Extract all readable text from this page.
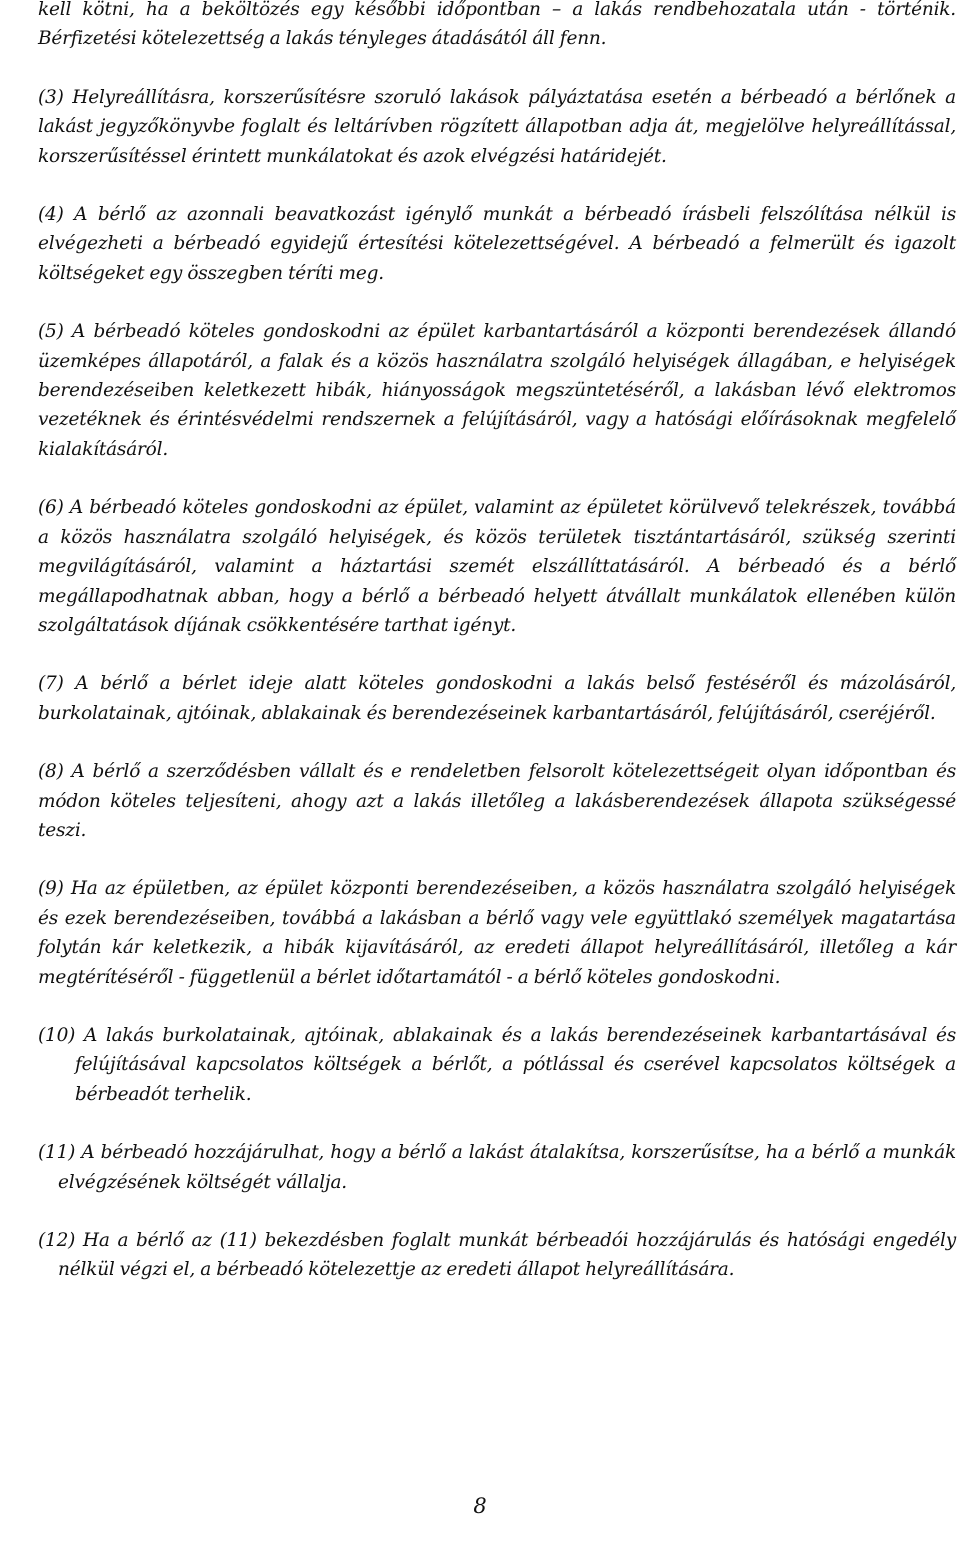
kell kötni, ha a beköltözés egy későbbi időpontban – a lakás rendbehozatala után - történik. Bérfizetési kötelezettség a lakás tényleges átadásától áll fenn.

(3) Helyreállításra, korszerűsítésre szoruló lakások pályáztatása esetén a bérbeadó a bérlőnek a lakást jegyzőkönyvbe foglalt és leltárívben rögzített állapotban adja át, megjelölve helyreállítással, korszerűsítéssel érintett munkálatokat és azok elvégzési határidejét.

(4) A bérlő az azonnali beavatkozást igénylő munkát a bérbeadó írásbeli felszólítása nélkül is elvégezheti a bérbeadó egyidejű értesítési kötelezettségével. A bérbeadó a felmerült és igazolt költségeket egy összegben téríti meg.

(5) A bérbeadó köteles gondoskodni az épület karbantartásáról a központi berendezések állandó üzemképes állapotáról, a falak és a közös használatra szolgáló helyiségek állagában, e helyiségek berendezéseiben keletkezett hibák, hiányosságok megszüntetéséről, a lakásban lévő elektromos vezetéknek és érintésvédelmi rendszernek a felújításáról, vagy a hatósági előírásoknak megfelelő kialakításáról.

(6) A bérbeadó köteles gondoskodni az épület, valamint az épületet körülvevő telekrészek, továbbá a közös használatra szolgáló helyiségek, és közös területek tisztántartásáról, szükség szerinti megvilágításáról, valamint a háztartási szemét elszállíttatásáról. A bérbeadó és a bérlő megállapodhatnak abban, hogy a bérlő a bérbeadó helyett átvállalt munkálatok ellenében külön szolgáltatások díjának csökkentésére tarthat igényt.

(7) A bérlő a bérlet ideje alatt köteles gondoskodni a lakás belső festéséről és mázolásáról, burkolatainak, ajtóinak, ablakainak és berendezéseinek karbantartásáról, felújításáról, cseréjéről.

(8) A bérlő a szerződésben vállalt és e rendeletben felsorolt kötelezettségeit olyan időpontban és módon köteles teljesíteni, ahogy azt a lakás illetőleg a lakásberendezések állapota szükségessé teszi.

(9) Ha az épületben, az épület központi berendezéseiben, a közös használatra szolgáló helyiségek és ezek berendezéseiben, továbbá a lakásban a bérlő vagy vele együttlakó személyek magatartása folytán kár keletkezik, a hibák kijavításáról, az eredeti állapot helyreállításáról, illetőleg a kár megtérítéséről - függetlenül a bérlet időtartamától - a bérlő köteles gondoskodni.

(10) A lakás burkolatainak, ajtóinak, ablakainak és a lakás berendezéseinek karbantartásával és felújításával kapcsolatos költségek a bérlőt, a pótlással és cserével kapcsolatos költségek a bérbeadót terhelik.

(11) A bérbeadó hozzájárulhat, hogy a bérlő a lakást átalakítsa, korszerűsítse, ha a bérlő a munkák elvégzésének költségét vállalja.

(12) Ha a bérlő az (11) bekezdésben foglalt munkát bérbeadói hozzájárulás és hatósági engedély nélkül végzi el, a bérbeadó kötelezettje az eredeti állapot helyreállítására.

8
